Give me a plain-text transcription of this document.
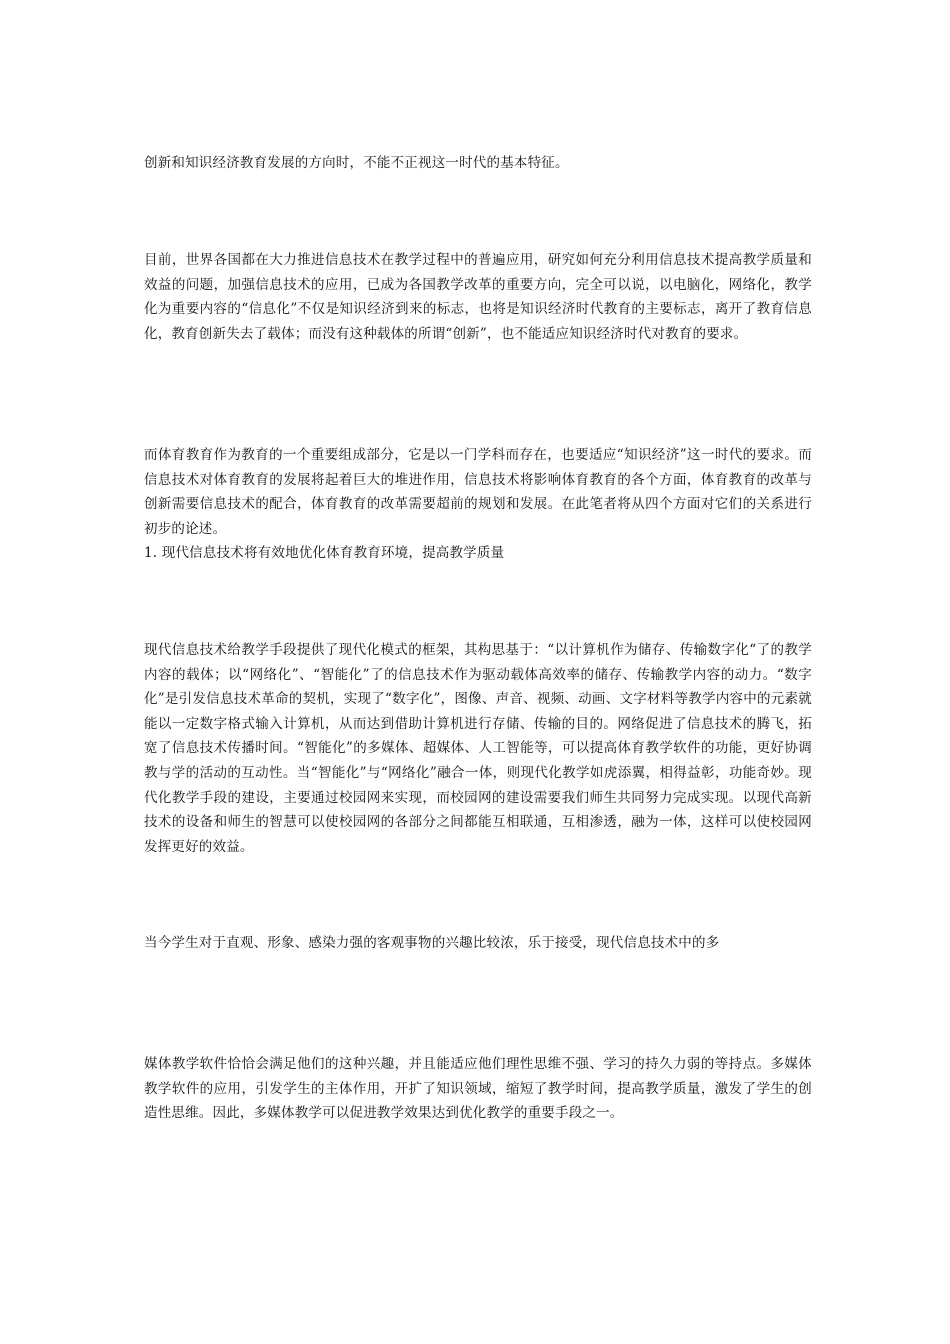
创新和知识经济教育发展的方向时，不能不正视这一时代的基本特征。

目前，世界各国都在大力推进信息技术在教学过程中的普遍应用，研究如何充分利用信息技术提高教学质量和效益的问题，加强信息技术的应用，已成为各国教学改革的重要方向，完全可以说，以电脑化，网络化，教学化为重要内容的“信息化”不仅是知识经济到来的标志，也将是知识经济时代教育的主要标志，离开了教育信息化，教育创新失去了载体；而没有这种载体的所谓“创新”，也不能适应知识经济时代对教育的要求。

而体育教育作为教育的一个重要组成部分，它是以一门学科而存在，也要适应“知识经济”这一时代的要求。而信息技术对体育教育的发展将起着巨大的堆进作用，信息技术将影响体育教育的各个方面，体育教育的改革与创新需要信息技术的配合，体育教育的改革需要超前的规划和发展。在此笔者将从四个方面对它们的关系进行初步的论述。

1. 现代信息技术将有效地优化体育教育环境，提高教学质量

现代信息技术给教学手段提供了现代化模式的框架，其构思基于：“以计算机作为储存、传输数字化“了的教学内容的载体；以“网络化”、“智能化”了的信息技术作为驱动载体高效率的储存、传输教学内容的动力。“数字化”是引发信息技术革命的契机，实现了“数字化”，图像、声音、视频、动画、文字材料等教学内容中的元素就能以一定数字格式输入计算机，从而达到借助计算机进行存储、传输的目的。网络促进了信息技术的腾飞，拓宽了信息技术传播时间。“智能化”的多媒体、超媒体、人工智能等，可以提高体育教学软件的功能，更好协调教与学的活动的互动性。当“智能化”与“网络化”融合一体，则现代化教学如虎添翼，相得益彰，功能奇妙。现代化教学手段的建设，主要通过校园网来实现，而校园网的建设需要我们师生共同努力完成实现。以现代高新技术的设备和师生的智慧可以使校园网的各部分之间都能互相联通，互相渗透，融为一体，这样可以使校园网发挥更好的效益。

当今学生对于直观、形象、感染力强的客观事物的兴趣比较浓，乐于接受，现代信息技术中的多

媒体教学软件恰恰会满足他们的这种兴趣，并且能适应他们理性思维不强、学习的持久力弱的等持点。多媒体教学软件的应用，引发学生的主体作用，开扩了知识领域，缩短了教学时间，提高教学质量，激发了学生的创造性思维。因此，多媒体教学可以促进教学效果达到优化教学的重要手段之一。
